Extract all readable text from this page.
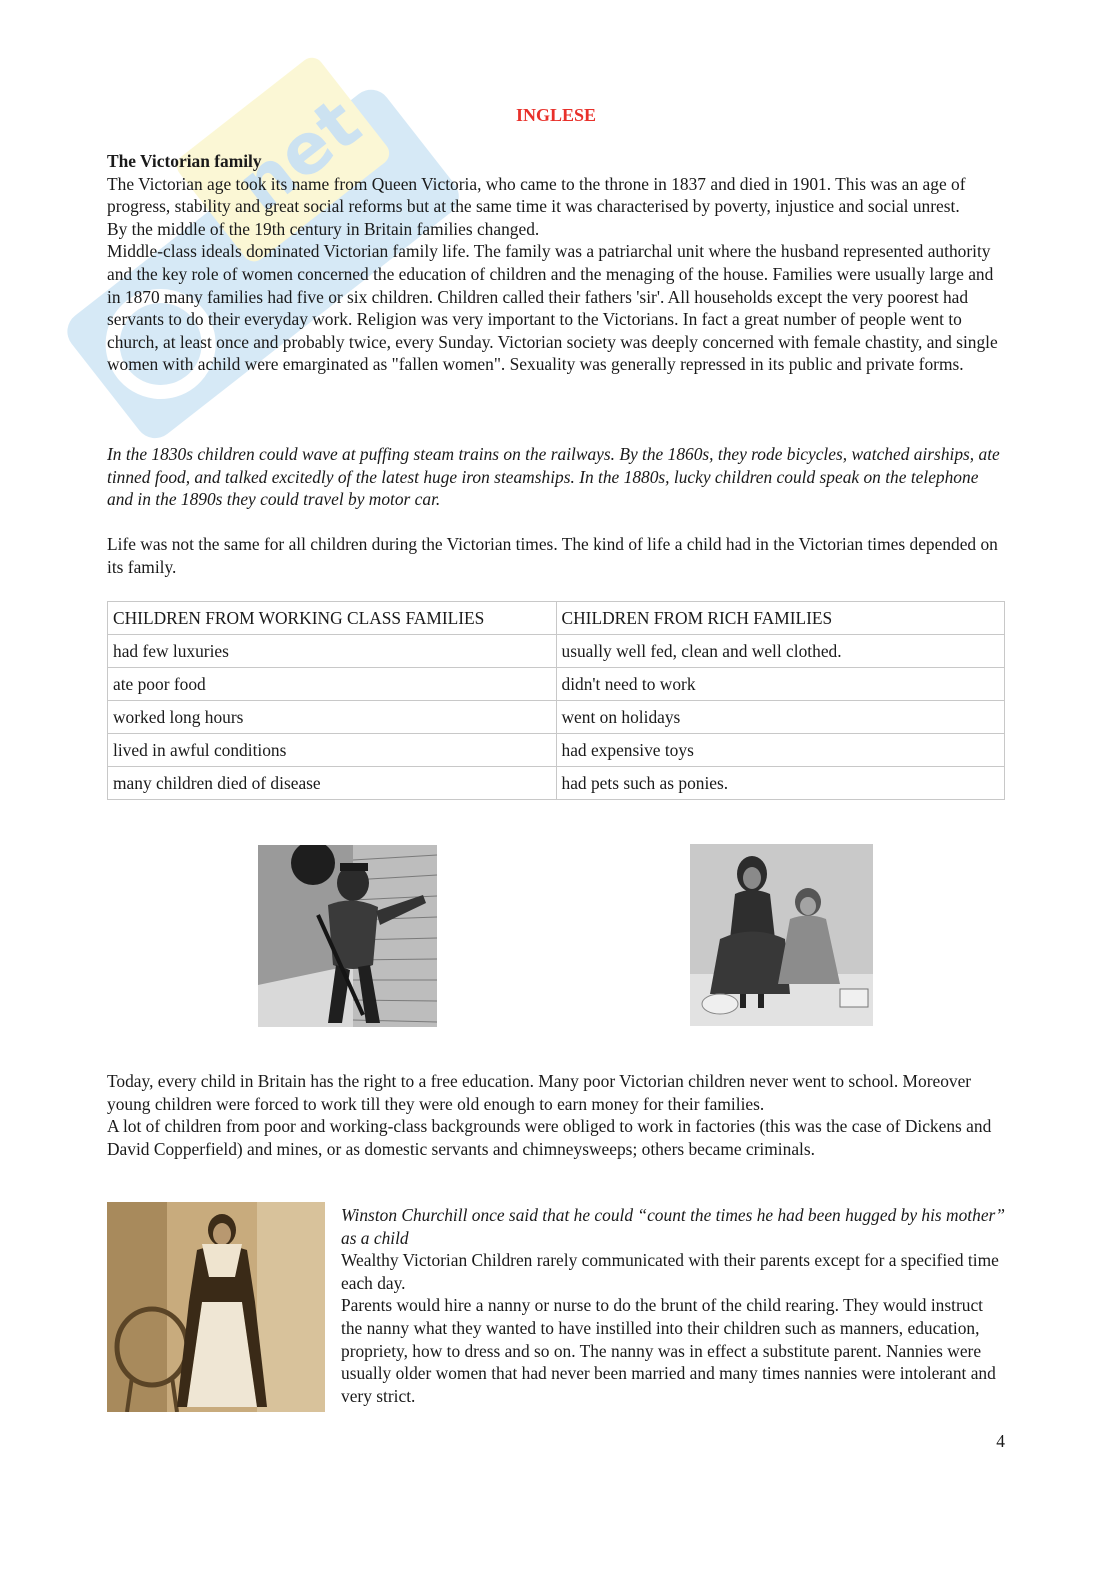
net	INGLESE

The Victorian family

The Victorian age took its name from Queen Victoria, who came to the throne in 1837 and died in 1901. This was an age of progress, stability and great social reforms but at the same time it was characterised by poverty, injustice and social unrest.

By the middle of the 19th century in Britain families changed.

Middle-class ideals dominated Victorian family life. The family was a patriarchal unit where the husband represented authority and the key role of women concerned the education of children and the menaging of the house. Families were usually large and in 1870 many families had five or six children. Children called their fathers 'sir'. All households except the very poorest had servants to do their everyday work. Religion was very important to the Victorians. In fact a great number of people went to church, at least once and probably twice, every Sunday. Victorian society was deeply concerned with female chastity, and single women with achild were emarginated as "fallen women". Sexuality was generally repressed in its public and private forms.

In the 1830s children could wave at puffing steam trains on the railways. By the 1860s, they rode bicycles, watched airships, ate tinned food, and talked excitedly of the latest huge iron steamships. In the 1880s, lucky children could speak on the telephone and in the 1890s they could travel by motor car.
Life was not the same for all children during the Victorian times. The kind of life a child had in the Victorian times depended on its family.
CHILDREN FROM WORKING CLASS FAMILIES	CHILDREN FROM RICH FAMILIES
had few luxuries	usually well fed, clean and well clothed.
ate poor food	didn't need to work
worked long hours	went on holidays
lived in awful conditions	had expensive toys
many children died of disease	had pets such as ponies.

Today, every child in Britain has the right to a free education. Many poor Victorian children never went to school. Moreover young children were forced to work till they were old enough to earn money for their families.

A lot of children from poor and working-class backgrounds were obliged to work in factories (this was the case of Dickens and David Copperfield) and mines, or as domestic servants and chimneysweeps; others became criminals.

Winston Churchill once said that he could “count the times he had been hugged by his mother” as a child

Wealthy Victorian Children rarely communicated with their parents except for a specified time each day.

Parents would hire a nanny or nurse to do the brunt of the child rearing. They would instruct the nanny what they wanted to have instilled into their children such as manners, education, propriety, how to dress and so on. The nanny was in effect a substitute parent. Nannies were usually older women that had never been married and many times nannies were intolerant and very strict.

4
